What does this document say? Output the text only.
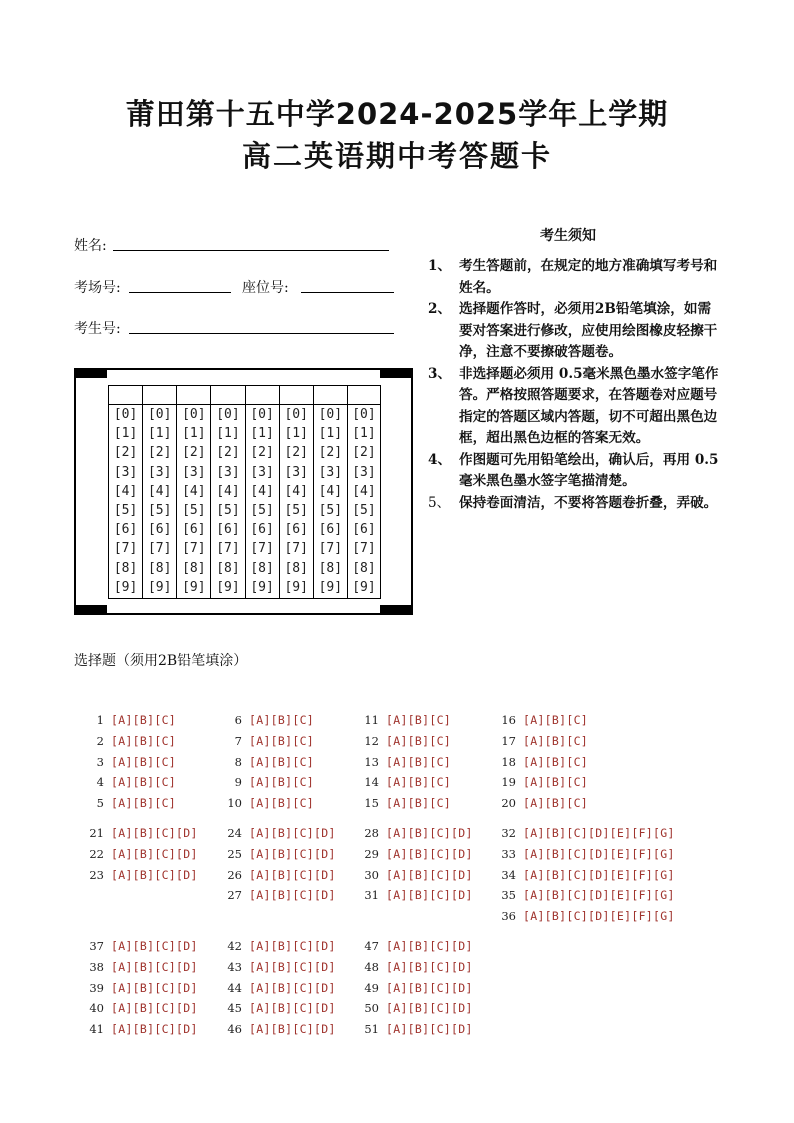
莆田第十五中学2024-2025学年上学期
高二英语期中考答题卡
姓名:
考场号:	座位号:
考生号:
考生须知
1、 考生答题前，在规定的地方准确填写考号和姓名。
2、 选择题作答时，必须用2B铅笔填涂，如需要对答案进行修改，应使用绘图橡皮轻擦干净，注意不要擦破答题卷。
3、 非选择题必须用 0.5毫米黑色墨水签字笔作答。严格按照答题要求，在答题卷对应题号指定的答题区域内答题，切不可超出黑色边框，超出黑色边框的答案无效。
4、 作图题可先用铅笔绘出，确认后，再用 0.5毫米黑色墨水签字笔描清楚。
5、 保持卷面清洁，不要将答题卷折叠，弄破。
[0]
[1]
[2]
[3]
[4]
[5]
[6]
[7]
[8]
[9]
[0]
[1]
[2]
[3]
[4]
[5]
[6]
[7]
[8]
[9]
[0]
[1]
[2]
[3]
[4]
[5]
[6]
[7]
[8]
[9]
[0]
[1]
[2]
[3]
[4]
[5]
[6]
[7]
[8]
[9]
[0]
[1]
[2]
[3]
[4]
[5]
[6]
[7]
[8]
[9]
[0]
[1]
[2]
[3]
[4]
[5]
[6]
[7]
[8]
[9]
[0]
[1]
[2]
[3]
[4]
[5]
[6]
[7]
[8]
[9]
[0]
[1]
[2]
[3]
[4]
[5]
[6]
[7]
[8]
[9]
选择题（须用2B铅笔填涂）
1 [A][B][C]
2 [A][B][C]
3 [A][B][C]
4 [A][B][C]
5 [A][B][C]
6 [A][B][C]
7 [A][B][C]
8 [A][B][C]
9 [A][B][C]
10 [A][B][C]
11 [A][B][C]
12 [A][B][C]
13 [A][B][C]
14 [A][B][C]
15 [A][B][C]
16 [A][B][C]
17 [A][B][C]
18 [A][B][C]
19 [A][B][C]
20 [A][B][C]
21 [A][B][C][D]
22 [A][B][C][D]
23 [A][B][C][D]
24 [A][B][C][D]
25 [A][B][C][D]
26 [A][B][C][D]
27 [A][B][C][D]
28 [A][B][C][D]
29 [A][B][C][D]
30 [A][B][C][D]
31 [A][B][C][D]
32 [A][B][C][D][E][F][G]
33 [A][B][C][D][E][F][G]
34 [A][B][C][D][E][F][G]
35 [A][B][C][D][E][F][G]
36 [A][B][C][D][E][F][G]
37 [A][B][C][D]
38 [A][B][C][D]
39 [A][B][C][D]
40 [A][B][C][D]
41 [A][B][C][D]
42 [A][B][C][D]
43 [A][B][C][D]
44 [A][B][C][D]
45 [A][B][C][D]
46 [A][B][C][D]
47 [A][B][C][D]
48 [A][B][C][D]
49 [A][B][C][D]
50 [A][B][C][D]
51 [A][B][C][D]
